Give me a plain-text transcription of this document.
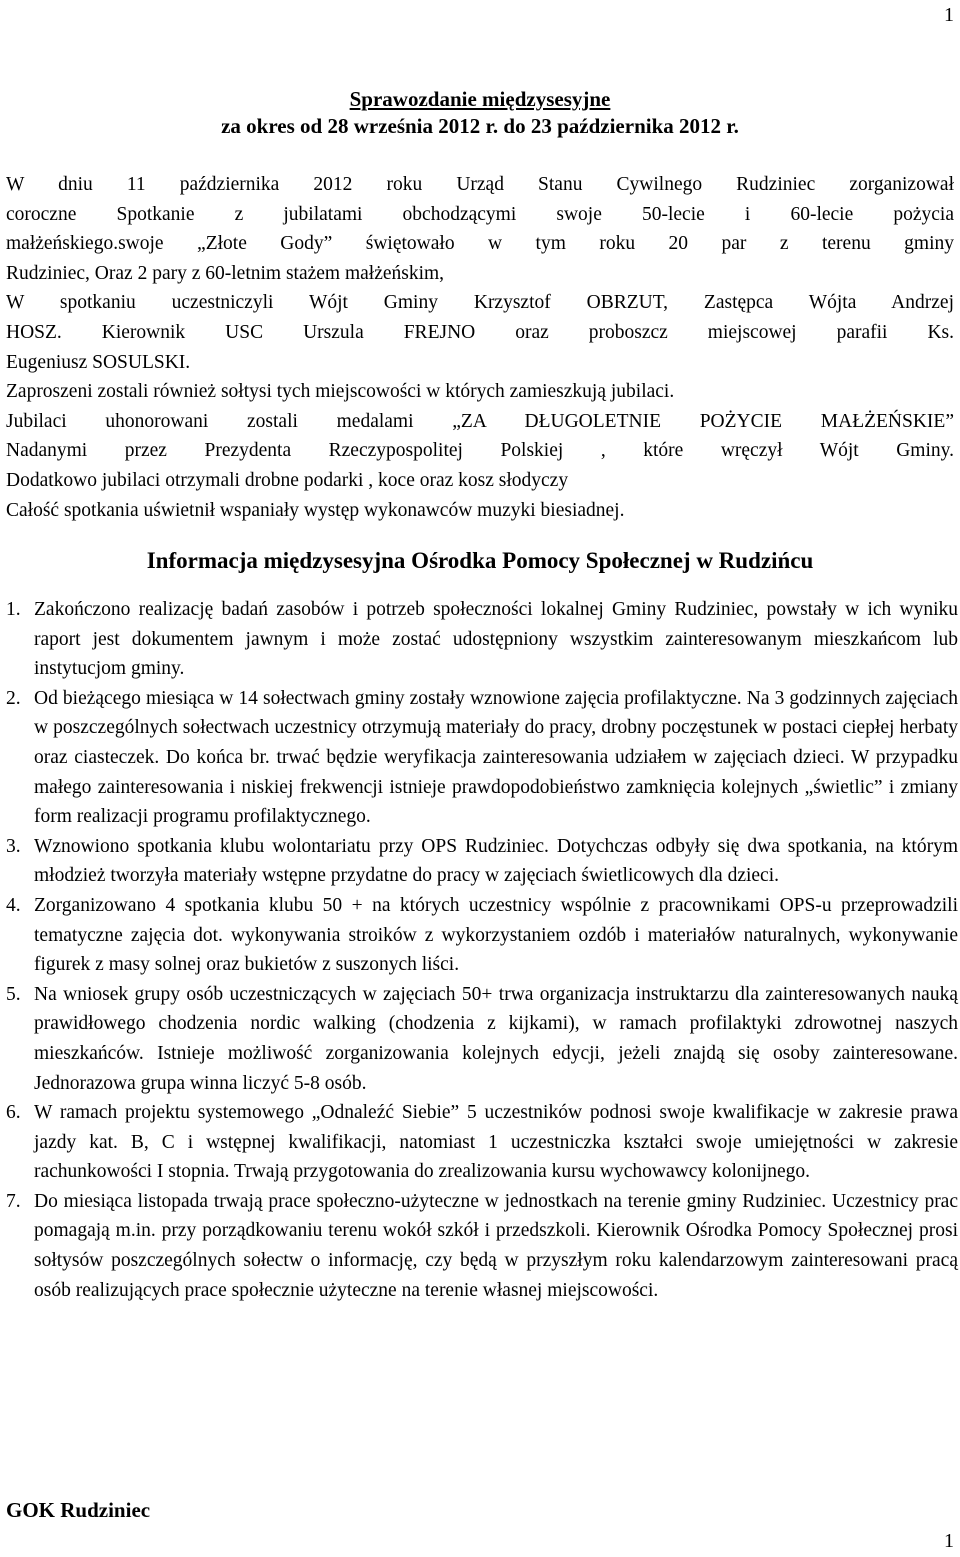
1
Sprawozdanie międzysesyjne
za okres od 28 września 2012 r. do 23 października 2012 r.

W dniu 11 października 2012 roku Urząd Stanu Cywilnego Rudziniec zorganizował

coroczne Spotkanie z jubilatami obchodzącymi swoje 50-lecie i 60-lecie pożycia

małżeńskiego.swoje „Złote Gody” świętowało w tym roku 20 par z terenu gminy

Rudziniec, Oraz 2 pary z 60-letnim stażem małżeńskim,

W spotkaniu uczestniczyli Wójt Gminy Krzysztof OBRZUT, Zastępca Wójta Andrzej

HOSZ. Kierownik USC Urszula FREJNO oraz proboszcz miejscowej parafii Ks.

Eugeniusz SOSULSKI.

Zaproszeni zostali również sołtysi tych miejscowości w których zamieszkują jubilaci.

Jubilaci uhonorowani zostali medalami „ZA DŁUGOLETNIE POŻYCIE MAŁŻEŃSKIE”

Nadanymi przez Prezydenta Rzeczypospolitej Polskiej , które wręczył Wójt Gminy.

Dodatkowo jubilaci otrzymali drobne podarki , koce oraz kosz słodyczy

Całość spotkania uświetnił wspaniały występ wykonawców muzyki biesiadnej.

Informacja międzysesyjna Ośrodka Pomocy Społecznej w Rudzińcu
1. Zakończono realizację badań zasobów i potrzeb społeczności lokalnej Gminy Rudziniec, powstały w ich wyniku raport jest dokumentem jawnym i może zostać udostępniony wszystkim zainteresowanym mieszkańcom lub instytucjom gminy.
2. Od bieżącego miesiąca w 14 sołectwach gminy zostały wznowione zajęcia profilaktyczne. Na 3 godzinnych zajęciach w poszczególnych sołectwach uczestnicy otrzymują materiały do pracy, drobny poczęstunek w postaci ciepłej herbaty oraz ciasteczek. Do końca br. trwać będzie weryfikacja zainteresowania udziałem w zajęciach dzieci. W przypadku małego zainteresowania i niskiej frekwencji istnieje prawdopodobieństwo zamknięcia kolejnych „świetlic” i zmiany form realizacji programu profilaktycznego.
3. Wznowiono spotkania klubu wolontariatu przy OPS Rudziniec. Dotychczas odbyły się dwa spotkania, na którym młodzież tworzyła materiały wstępne przydatne do pracy w zajęciach świetlicowych dla dzieci.
4. Zorganizowano 4 spotkania klubu 50 + na których uczestnicy wspólnie z pracownikami OPS-u przeprowadzili tematyczne zajęcia dot. wykonywania stroików z wykorzystaniem ozdób i materiałów naturalnych, wykonywanie figurek z masy solnej oraz bukietów z suszonych liści.
5. Na wniosek grupy osób uczestniczących w zajęciach 50+ trwa organizacja instruktarzu dla zainteresowanych nauką prawidłowego chodzenia nordic walking (chodzenia z kijkami), w ramach profilaktyki zdrowotnej naszych mieszkańców. Istnieje możliwość zorganizowania kolejnych edycji, jeżeli znajdą się osoby zainteresowane. Jednorazowa grupa winna liczyć 5-8 osób.
6. W ramach projektu systemowego „Odnaleźć Siebie” 5 uczestników podnosi swoje kwalifikacje w zakresie prawa jazdy kat. B, C i wstępnej kwalifikacji, natomiast 1 uczestniczka kształci swoje umiejętności w zakresie rachunkowości I stopnia. Trwają przygotowania do zrealizowania kursu wychowawcy kolonijnego.
7. Do miesiąca listopada trwają prace społeczno-użyteczne w jednostkach na terenie gminy Rudziniec. Uczestnicy prac pomagają m.in. przy porządkowaniu terenu wokół szkół i przedszkoli. Kierownik Ośrodka Pomocy Społecznej prosi sołtysów poszczególnych sołectw o informację, czy będą w przyszłym roku kalendarzowym zainteresowani pracą osób realizujących prace społecznie użyteczne na terenie własnej miejscowości.
GOK Rudziniec
1
